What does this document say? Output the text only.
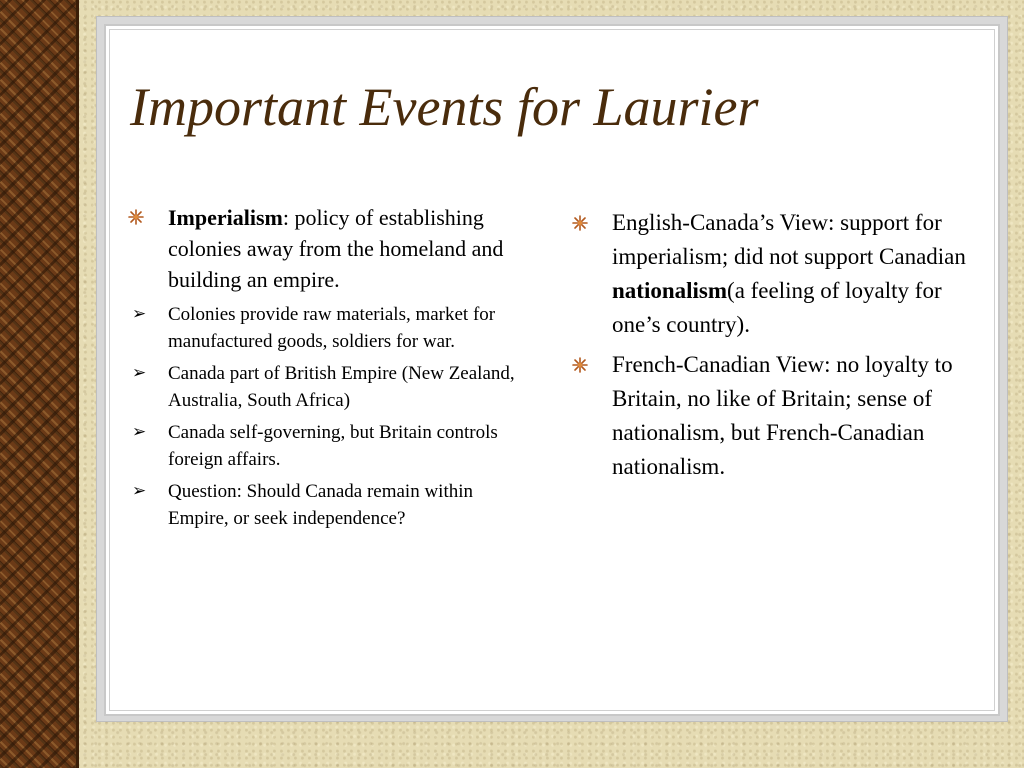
Important Events for Laurier
Imperialism: policy of establishing colonies away from the homeland and building an empire.
➢ Colonies provide raw materials, market for manufactured goods, soldiers for war.
➢ Canada part of British Empire (New Zealand, Australia, South Africa)
➢ Canada self-governing, but Britain controls foreign affairs.
➢ Question: Should Canada remain within Empire, or seek independence?
English-Canada’s View: support for imperialism; did not support Canadian nationalism(a feeling of loyalty for one’s country).
French-Canadian View: no loyalty to Britain, no like of Britain; sense of nationalism, but French-Canadian nationalism.
